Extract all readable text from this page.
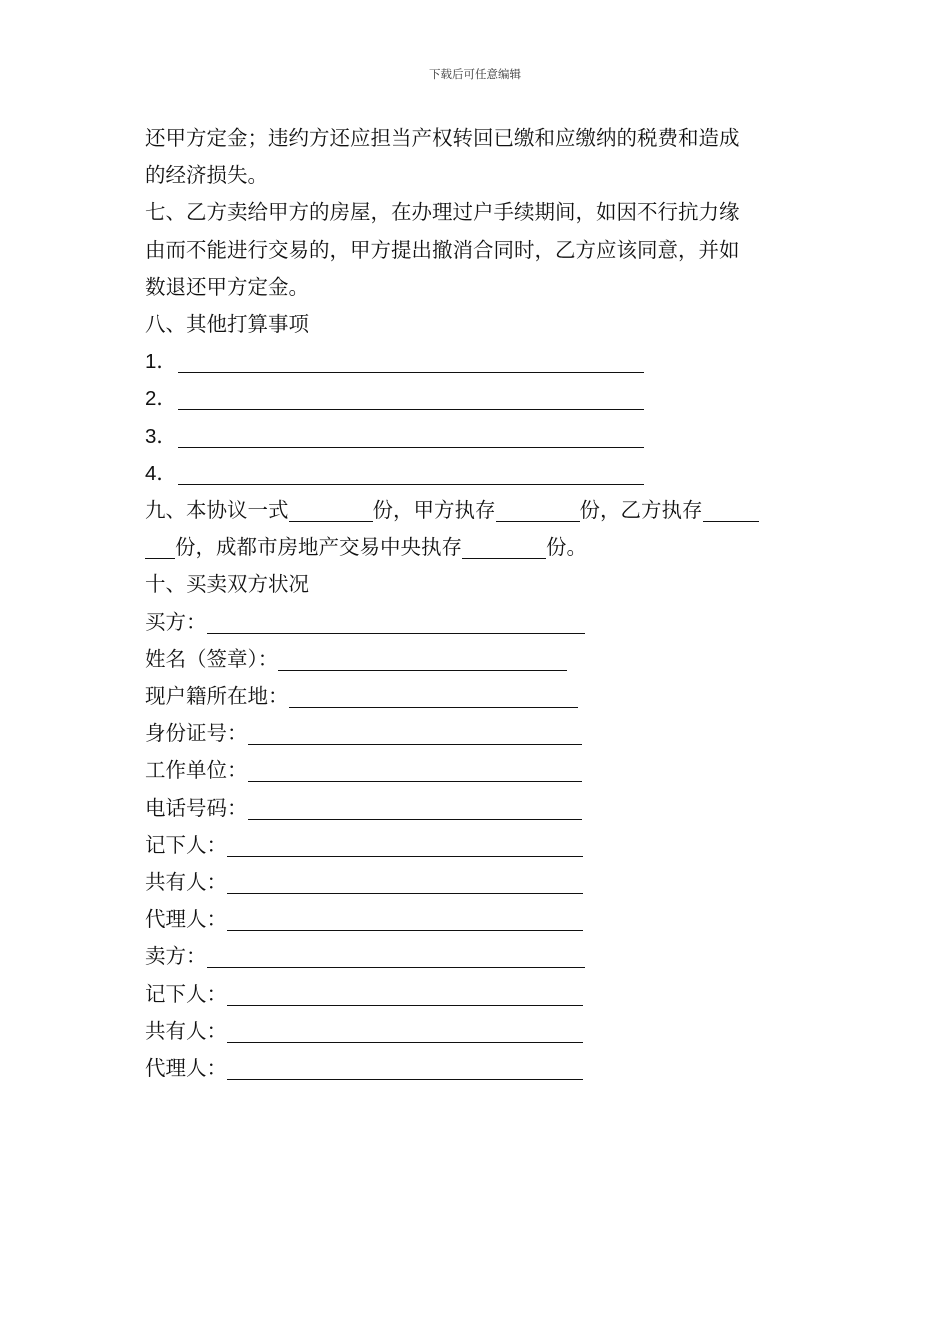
下载后可任意编辑

还甲方定金；违约方还应担当产权转回已缴和应缴纳的税费和造成

的经济损失。

七、乙方卖给甲方的房屋，在办理过户手续期间，如因不行抗力缘

由而不能进行交易的，甲方提出撤消合同时，乙方应该同意，并如

数退还甲方定金。

八、其他打算事项

1．

2．

3．

4．

九、本协议一式	份，甲方执存	份，乙方执存

份，成都市房地产交易中央执存	份。

十、买卖双方状况

买方：

姓名（签章）：

现户籍所在地：

身份证号：

工作单位：

电话号码：

记下人：

共有人：

代理人：

卖方：

记下人：

共有人：

代理人：
